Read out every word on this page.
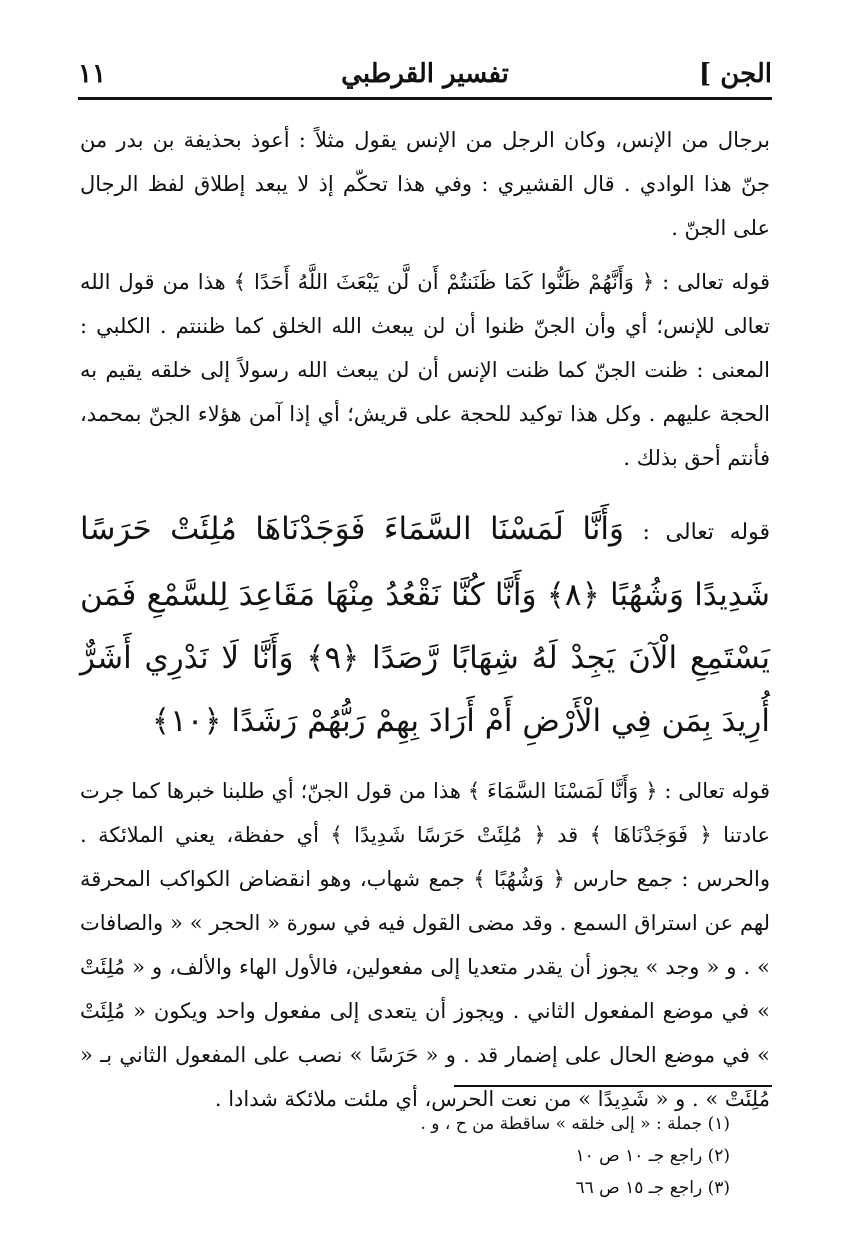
الجن ]
تفسير القرطبي
١١

برجال من الإنس، وكان الرجل من الإنس يقول مثلاً : أعوذ بحذيفة بن بدر من جنّ هذا الوادي . قال القشيري : وفي هذا تحكّم إذ لا يبعد إطلاق لفظ الرجال على الجنّ .

قوله تعالى : ﴿ وَأَنَّهُمْ ظَنُّوا كَمَا ظَنَنتُمْ أَن لَّن يَبْعَثَ اللَّهُ أَحَدًا ﴾ هذا من قول الله تعالى للإنس؛ أي وأن الجنّ ظنوا أن لن يبعث الله الخلق كما ظننتم . الكلبي : المعنى : ظنت الجنّ كما ظنت الإنس أن لن يبعث الله رسولاً إلى خلقه يقيم به الحجة عليهم . وكل هذا توكيد للحجة على قريش؛ أي إذا آمن هؤلاء الجنّ بمحمد، فأنتم أحق بذلك .

قوله تعالى : وَأَنَّا لَمَسْنَا السَّمَاءَ فَوَجَدْنَاهَا مُلِئَتْ حَرَسًا شَدِيدًا وَشُهُبًا ﴿٨﴾ وَأَنَّا كُنَّا نَقْعُدُ مِنْهَا مَقَاعِدَ لِلسَّمْعِ فَمَن يَسْتَمِعِ الْآنَ يَجِدْ لَهُ شِهَابًا رَّصَدًا ﴿٩﴾ وَأَنَّا لَا نَدْرِي أَشَرٌّ أُرِيدَ بِمَن فِي الْأَرْضِ أَمْ أَرَادَ بِهِمْ رَبُّهُمْ رَشَدًا ﴿١٠﴾

قوله تعالى : ﴿ وَأَنَّا لَمَسْنَا السَّمَاءَ ﴾ هذا من قول الجنّ؛ أي طلبنا خبرها كما جرت عادتنا ﴿ فَوَجَدْنَاهَا ﴾ قد ﴿ مُلِئَتْ حَرَسًا شَدِيدًا ﴾ أي حفظة، يعني الملائكة . والحرس : جمع حارس ﴿ وَشُهُبًا ﴾ جمع شهاب، وهو انقضاض الكواكب المحرقة لهم عن استراق السمع . وقد مضى القول فيه في سورة « الحجر » « والصافات » . و « وجد » يجوز أن يقدر متعديا إلى مفعولين، فالأول الهاء والألف، و « مُلِئَتْ » في موضع المفعول الثاني . ويجوز أن يتعدى إلى مفعول واحد ويكون « مُلِئَتْ » في موضع الحال على إضمار قد . و « حَرَسًا » نصب على المفعول الثاني بـ « مُلِئَتْ » . و « شَدِيدًا » من نعت الحرس، أي ملئت ملائكة شدادا .

(١) جملة : « إلى خلقه » ساقطة من ح ، و .
(٢) راجع جـ ١٠ ص ١٠
(٣) راجع جـ ١٥ ص ٦٦
